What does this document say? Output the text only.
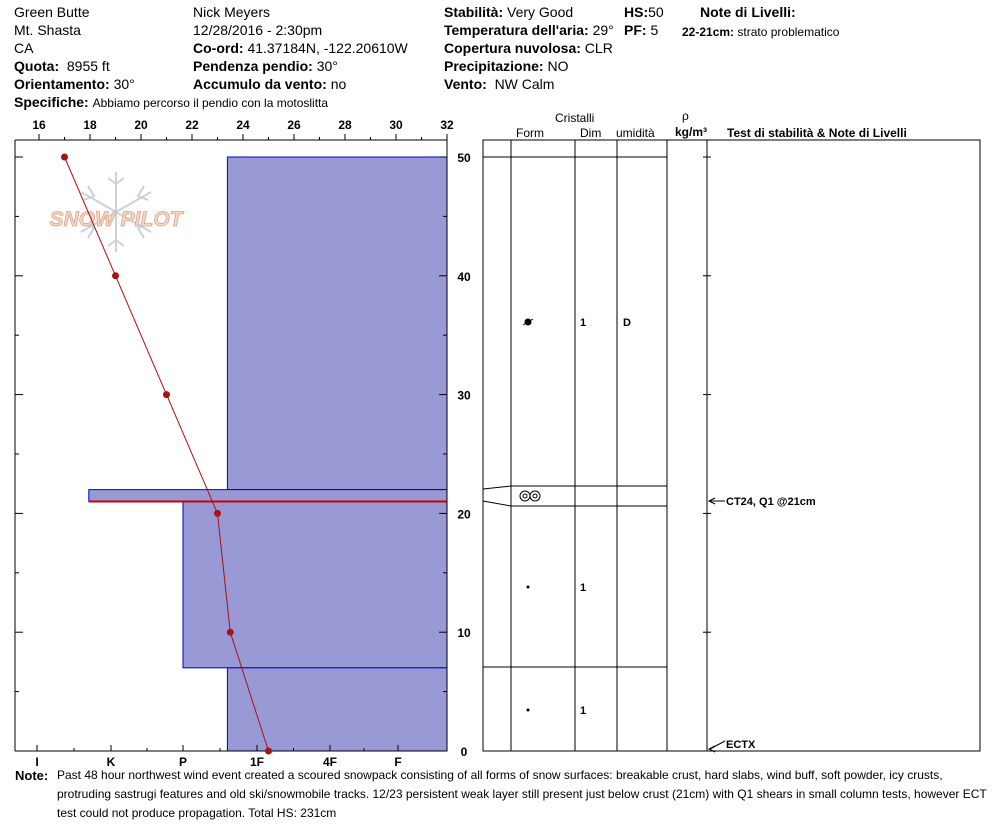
Green Butte
Mt. Shasta
CA
Quota: 8955 ft
Orientamento: 30°
Specifiche: Abbiamo percorso il pendio con la motoslitta
Nick Meyers
12/28/2016 - 2:30pm
Co-ord: 41.37184N, -122.20610W
Pendenza pendio: 30°
Accumulo da vento: no
Stabilità: Very Good	HS:50
Temperatura dell'aria: 29° PF: 5
Copertura nuvolosa: CLR
Precipitazione: NO
Vento: NW Calm
Note di Livelli:
22-21cm: strato problematico
SNOW PILOT
1	D
1
1
CT24, Q1 @21cm
ECTX
16	18	20	22	24	26	28	30	32
0
10
20
30
40
50
I	K	P	1F	4F	F
Cristalli
Form	Dim umidità
ρ
kg/m³ Test di stabilità & Note di Livelli
Note: Past 48 hour northwest wind event created a scoured snowpack consisting of all forms of snow surfaces: breakable crust, hard slabs, wind buff, soft powder, icy crusts, protruding sastrugi features and old ski/snowmobile tracks. 12/23 persistent weak layer still present just below crust (21cm) with Q1 shears in small column tests, however ECT test could not produce propagation. Total HS: 231cm
